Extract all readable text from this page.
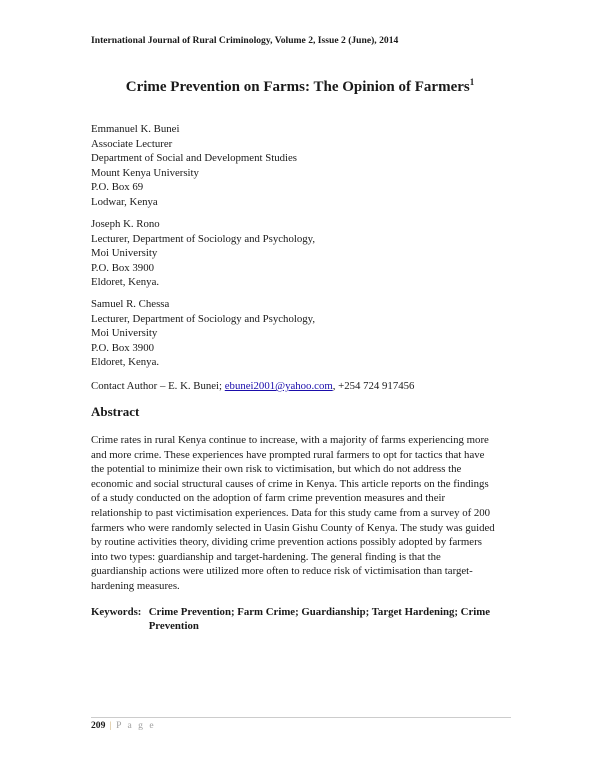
International Journal of Rural Criminology, Volume 2, Issue 2 (June), 2014
Crime Prevention on Farms: The Opinion of Farmers$^1$
Emmanuel K. Bunei
Associate Lecturer
Department of Social and Development Studies
Mount Kenya University
P.O. Box 69
Lodwar, Kenya
Joseph K. Rono
Lecturer, Department of Sociology and Psychology,
Moi University
P.O. Box 3900
Eldoret, Kenya.
Samuel R. Chessa
Lecturer, Department of Sociology and Psychology,
Moi University
P.O. Box 3900
Eldoret, Kenya.
Contact Author – E. K. Bunei; ebunei2001@yahoo.com, +254 724 917456
Abstract
Crime rates in rural Kenya continue to increase, with a majority of farms experiencing more
and more crime. These experiences have prompted rural farmers to opt for tactics that have
the potential to minimize their own risk to victimisation, but which do not address the
economic and social structural causes of crime in Kenya. This article reports on the findings
of a study conducted on the adoption of farm crime prevention measures and their
relationship to past victimisation experiences. Data for this study came from a survey of 200
farmers who were randomly selected in Uasin Gishu County of Kenya. The study was guided
by routine activities theory, dividing crime prevention actions possibly adopted by farmers
into two types: guardianship and target-hardening. The general finding is that the
guardianship actions were utilized more often to reduce risk of victimisation than target-
hardening measures.
Keywords: Crime Prevention; Farm Crime; Guardianship; Target Hardening; Crime
Prevention
209 | P a g e
